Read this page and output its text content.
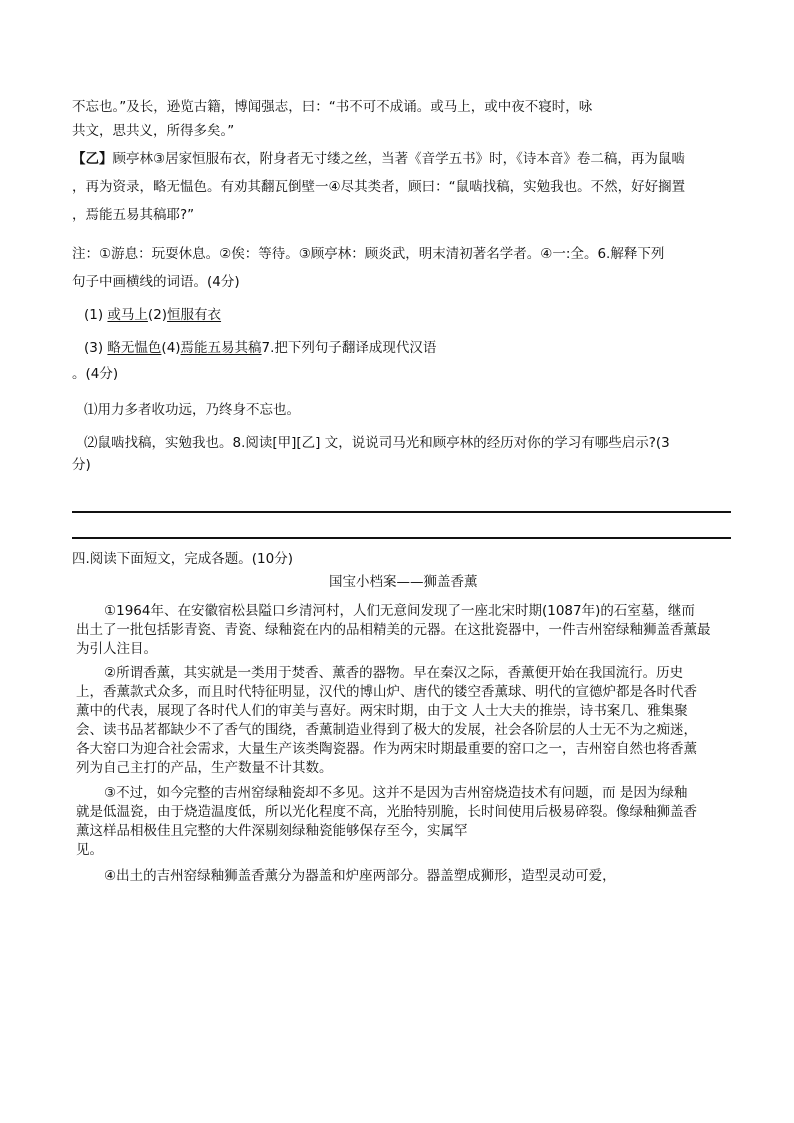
不忘也。”及长，逊览古籍，博闻强志，曰：“书不可不成诵。或马上，或中夜不寝时，咏
共文，思共义，所得多矣。”
【乙】顾亭林③居家恒服布衣，附身者无寸缕之丝，当著《音学五书》时，《诗本音》卷二稿，再为鼠啮
，再为资录，略无愠色。有劝其翻瓦倒壁一④尽其类者，顾曰：“鼠啮找稿，实勉我也。不然，好好搁置
，焉能五易其稿耶?”
注：①游息：玩耍休息。②俟：等待。③顾亭林：顾炎武，明末清初著名学者。④一:全。6.解释下列
句子中画横线的词语。(4分)
(1) 或马上(2)恒服有衣
(3) 略无愠色(4)焉能五易其稿7.把下列句子翻译成现代汉语
。(4分)
⑴用力多者收功远，乃终身不忘也。
⑵鼠啮找稿，实勉我也。8.阅读[甲][乙] 文，说说司马光和顾亭林的经历对你的学习有哪些启示?(3
分)
四.阅读下面短文，完成各题。(10分)
国宝小档案——狮盖香薰
①1964年、在安徽宿松县隘口乡清河村，人们无意间发现了一座北宋时期(1087年)的石室墓，继而
出土了一批包括影青瓷、青瓷、绿釉瓷在内的品相精美的元器。在这批瓷器中，一件吉州窑绿釉狮盖香薰最
为引人注目。
②所谓香薰，其实就是一类用于焚香、薰香的器物。早在秦汉之际，香薰便开始在我国流行。历史
上，香薰款式众多，而且时代特征明显，汉代的博山炉、唐代的镂空香薰球、明代的宣德炉都是各时代香
薰中的代表，展现了各时代人们的审美与喜好。两宋时期，由于文 人士大夫的推崇，诗书案几、雅集聚
会、读书品茗都缺少不了香气的围绕，香薰制造业得到了极大的发展，社会各阶层的人士无不为之痴迷，
各大窑口为迎合社会需求，大量生产该类陶瓷器。作为两宋时期最重要的窑口之一，吉州窑自然也将香薰
列为自己主打的产品，生产数量不计其数。
③不过，如今完整的吉州窑绿釉瓷却不多见。这并不是因为吉州窑烧造技术有问题，而 是因为绿釉
就是低温瓷，由于烧造温度低，所以光化程度不高，光胎特别脆，长时间使用后极易碎裂。像绿釉狮盖香
薰这样品相极佳且完整的大件深剔刻绿釉瓷能够保存至今，实属罕
见。
④出土的吉州窑绿釉狮盖香薰分为器盖和炉座两部分。器盖塑成狮形，造型灵动可爱，
